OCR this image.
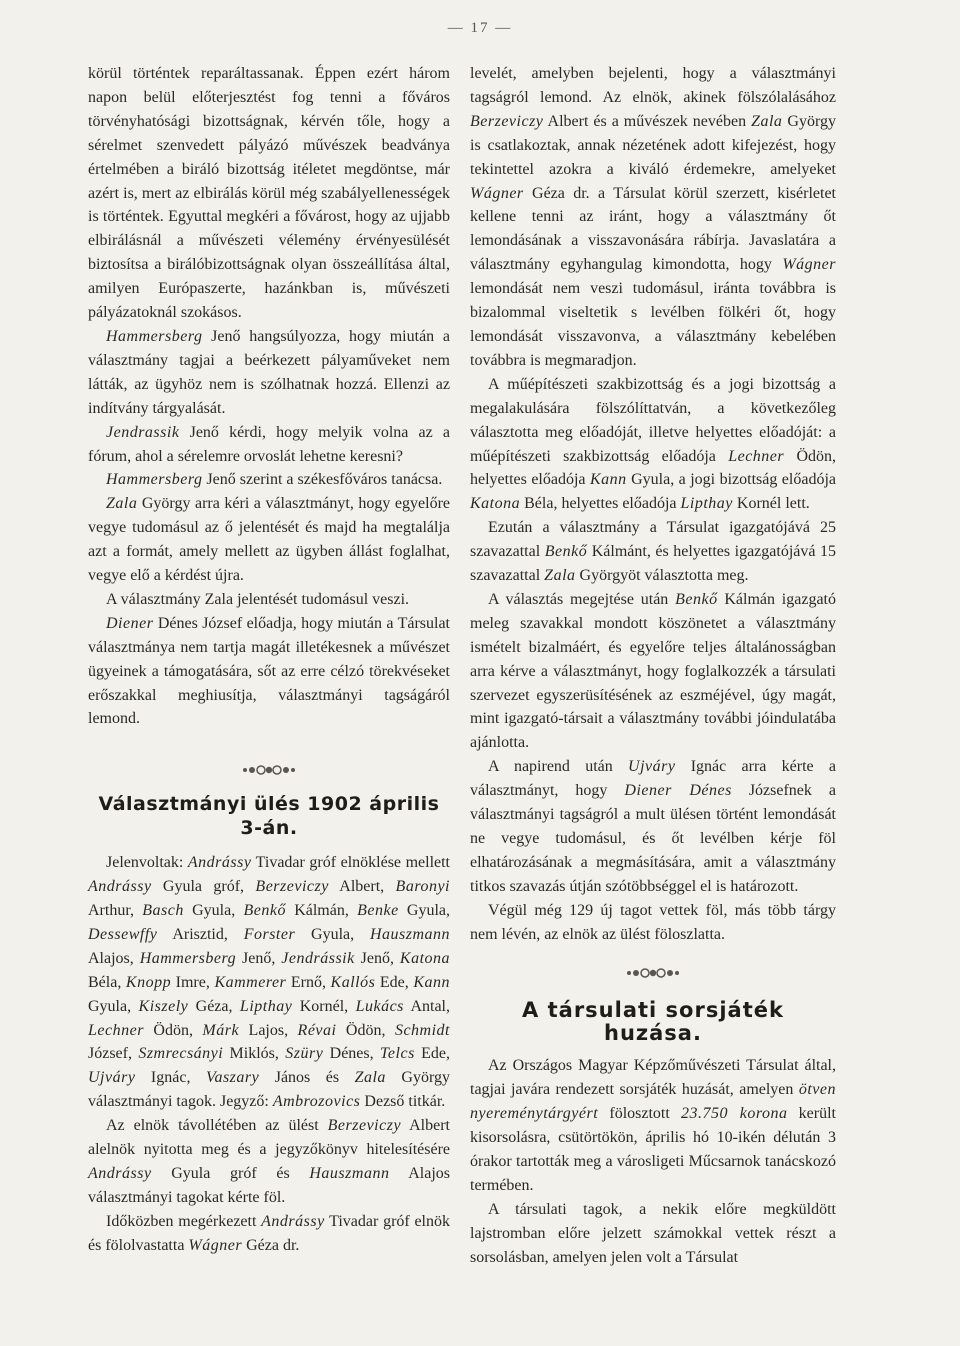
— 17 —

körül történtek reparáltassanak. Éppen ezért három napon belül előterjesztést fog tenni a főváros törvényhatósági bizottságnak, kérvén tőle, hogy a sérelmet szenvedett pályázó művészek beadványa értelmében a biráló bizottság itéletet megdöntse, már azért is, mert az elbirálás körül még szabályellenességek is történtek. Egyuttal megkéri a fővárost, hogy az ujjabb elbirálásnál a művészeti vélemény érvényesülését biztosítsa a birálóbizottságnak olyan összeállítása által, amilyen Európaszerte, hazánkban is, művészeti pályázatoknál szokásos.

Hammersberg Jenő hangsúlyozza, hogy miután a választmány tagjai a beérkezett pályaműveket nem látták, az ügyhöz nem is szólhatnak hozzá. Ellenzi az indítvány tárgyalását.

Jendrassik Jenő kérdi, hogy melyik volna az a fórum, ahol a sérelemre orvoslát lehetne keresni?

Hammersberg Jenő szerint a székesfőváros tanácsa.

Zala György arra kéri a választmányt, hogy egyelőre vegye tudomásul az ő jelentését és majd ha megtalálja azt a formát, amely mellett az ügyben állást foglalhat, vegye elő a kérdést újra.

A választmány Zala jelentését tudomásul veszi.

Diener Dénes József előadja, hogy miután a Társulat választmánya nem tartja magát illetékesnek a művészet ügyeinek a támogatására, sőt az erre célzó törekvéseket erőszakkal meghiusítja, választmányi tagságáról lemond.

Választmányi ülés 1902 április 3-án.

Jelenvoltak: Andrássy Tivadar gróf elnöklése mellett Andrássy Gyula gróf, Berzeviczy Albert, Baronyi Arthur, Basch Gyula, Benkő Kálmán, Benke Gyula, Dessewffy Arisztid, Forster Gyula, Hauszmann Alajos, Hammersberg Jenő, Jendrássik Jenő, Katona Béla, Knopp Imre, Kammerer Ernő, Kallós Ede, Kann Gyula, Kiszely Géza, Lipthay Kornél, Lukács Antal, Lechner Ödön, Márk Lajos, Révai Ödön, Schmidt József, Szmrecsányi Miklós, Szüry Dénes, Telcs Ede, Ujváry Ignác, Vaszary János és Zala György választmányi tagok. Jegyző: Ambrozovics Dezső titkár.

Az elnök távollétében az ülést Berzeviczy Albert alelnök nyitotta meg és a jegyzőkönyv hitelesítésére Andrássy Gyula gróf és Hauszmann Alajos választmányi tagokat kérte föl.

Időközben megérkezett Andrássy Tivadar gróf elnök és fölolvastatta Wágner Géza dr.

levelét, amelyben bejelenti, hogy a választmányi tagságról lemond. Az elnök, akinek fölszólalásához Berzeviczy Albert és a művészek nevében Zala György is csatlakoztak, annak nézetének adott kifejezést, hogy tekintettel azokra a kiváló érdemekre, amelyeket Wágner Géza dr. a Társulat körül szerzett, kisérletet kellene tenni az iránt, hogy a választmány őt lemondásának a visszavonására rábírja. Javaslatára a választmány egyhangulag kimondotta, hogy Wágner lemondását nem veszi tudomásul, iránta továbbra is bizalommal viseltetik s levélben fölkéri őt, hogy lemondását visszavonva, a választmány kebelében továbbra is megmaradjon.

A műépítészeti szakbizottság és a jogi bizottság a megalakulására fölszólíttatván, a következőleg választotta meg előadóját, illetve helyettes előadóját: a műépítészeti szakbizottság előadója Lechner Ödön, helyettes előadója Kann Gyula, a jogi bizottság előadója Katona Béla, helyettes előadója Lipthay Kornél lett.

Ezután a választmány a Társulat igazgatójává 25 szavazattal Benkő Kálmánt, és helyettes igazgatójává 15 szavazattal Zala Györgyöt választotta meg.

A választás megejtése után Benkő Kálmán igazgató meleg szavakkal mondott köszönetet a választmány ismételt bizalmáért, és egyelőre teljes általánosságban arra kérve a választmányt, hogy foglalkozzék a társulati szervezet egyszerüsítésének az eszméjével, úgy magát, mint igazgató-társait a választmány további jóindulatába ajánlotta.

A napirend után Ujváry Ignác arra kérte a választmányt, hogy Diener Dénes Józsefnek a választmányi tagságról a mult ülésen történt lemondását ne vegye tudomásul, és őt levélben kérje föl elhatározásának a megmásítására, amit a választmány titkos szavazás útján szótöbbséggel el is határozott.

Végül még 129 új tagot vettek föl, más több tárgy nem lévén, az elnök az ülést föloszlatta.

A társulati sorsjáték huzása.

Az Országos Magyar Képzőművészeti Társulat által, tagjai javára rendezett sorsjáték huzását, amelyen ötven nyereménytárgyért fölosztott 23.750 korona került kisorsolásra, csütörtökön, április hó 10-ikén délután 3 órakor tartották meg a városligeti Műcsarnok tanácskozó termében.

A társulati tagok, a nekik előre megküldött lajstromban előre jelzett számokkal vettek részt a sorsolásban, amelyen jelen volt a Társulat
